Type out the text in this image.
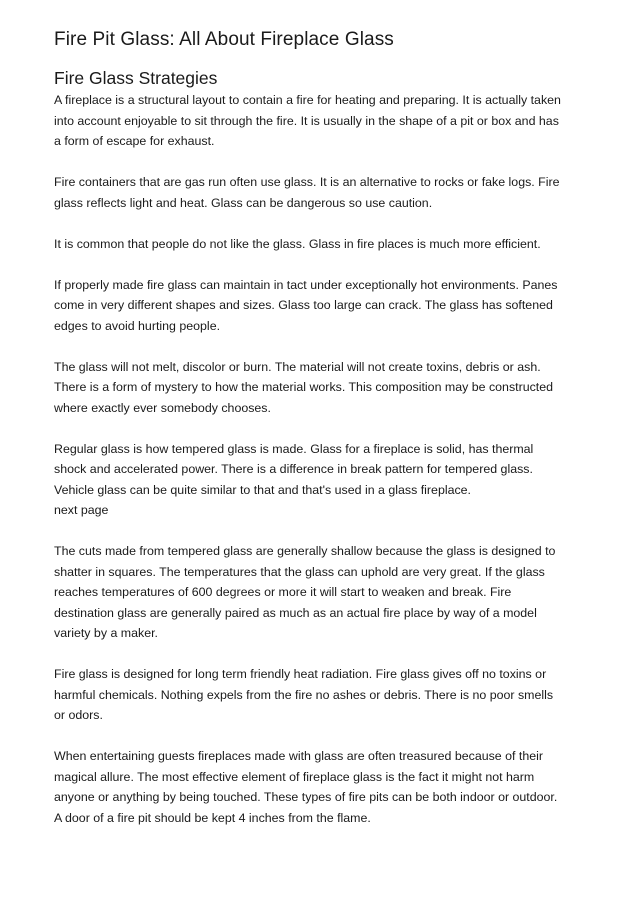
Fire Pit Glass: All About Fireplace Glass
Fire Glass Strategies

A fireplace is a structural layout to contain a fire for heating and preparing. It is actually taken
into account enjoyable to sit through the fire. It is usually in the shape of a pit or box and has
a form of escape for exhaust.

Fire containers that are gas run often use glass. It is an alternative to rocks or fake logs. Fire
glass reflects light and heat. Glass can be dangerous so use caution.

It is common that people do not like the glass. Glass in fire places is much more efficient.

If properly made fire glass can maintain in tact under exceptionally hot environments. Panes
come in very different shapes and sizes. Glass too large can crack. The glass has softened
edges to avoid hurting people.

The glass will not melt, discolor or burn. The material will not create toxins, debris or ash.
There is a form of mystery to how the material works. This composition may be constructed
where exactly ever somebody chooses.

Regular glass is how tempered glass is made. Glass for a fireplace is solid, has thermal
shock and accelerated power. There is a difference in break pattern for tempered glass.
Vehicle glass can be quite similar to that and that's used in a glass fireplace.
next page

The cuts made from tempered glass are generally shallow because the glass is designed to
shatter in squares. The temperatures that the glass can uphold are very great. If the glass
reaches temperatures of 600 degrees or more it will start to weaken and break. Fire
destination glass are generally paired as much as an actual fire place by way of a model
variety by a maker.

Fire glass is designed for long term friendly heat radiation. Fire glass gives off no toxins or
harmful chemicals. Nothing expels from the fire no ashes or debris. There is no poor smells
or odors.

When entertaining guests fireplaces made with glass are often treasured because of their
magical allure. The most effective element of fireplace glass is the fact it might not harm
anyone or anything by being touched. These types of fire pits can be both indoor or outdoor.
A door of a fire pit should be kept 4 inches from the flame.
